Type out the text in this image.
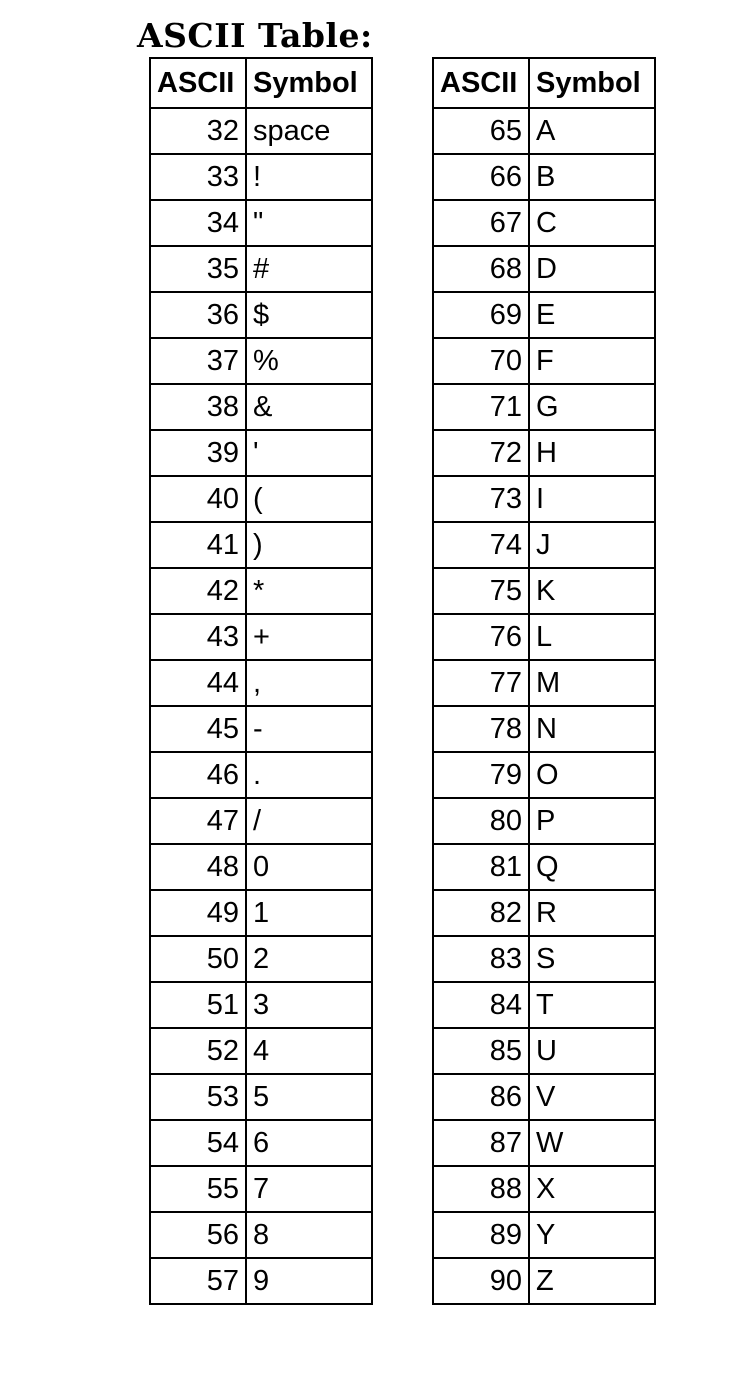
ASCII Table:
ASCII	Symbol
32	space
33	!
34	"
35	#
36	$
37	%
38	&
39	'
40	(
41	)
42	*
43	+
44	,
45	-
46	.
47	/
48	0
49	1
50	2
51	3
52	4
53	5
54	6
55	7
56	8
57	9
ASCII	Symbol
65	A
66	B
67	C
68	D
69	E
70	F
71	G
72	H
73	I
74	J
75	K
76	L
77	M
78	N
79	O
80	P
81	Q
82	R
83	S
84	T
85	U
86	V
87	W
88	X
89	Y
90	Z
